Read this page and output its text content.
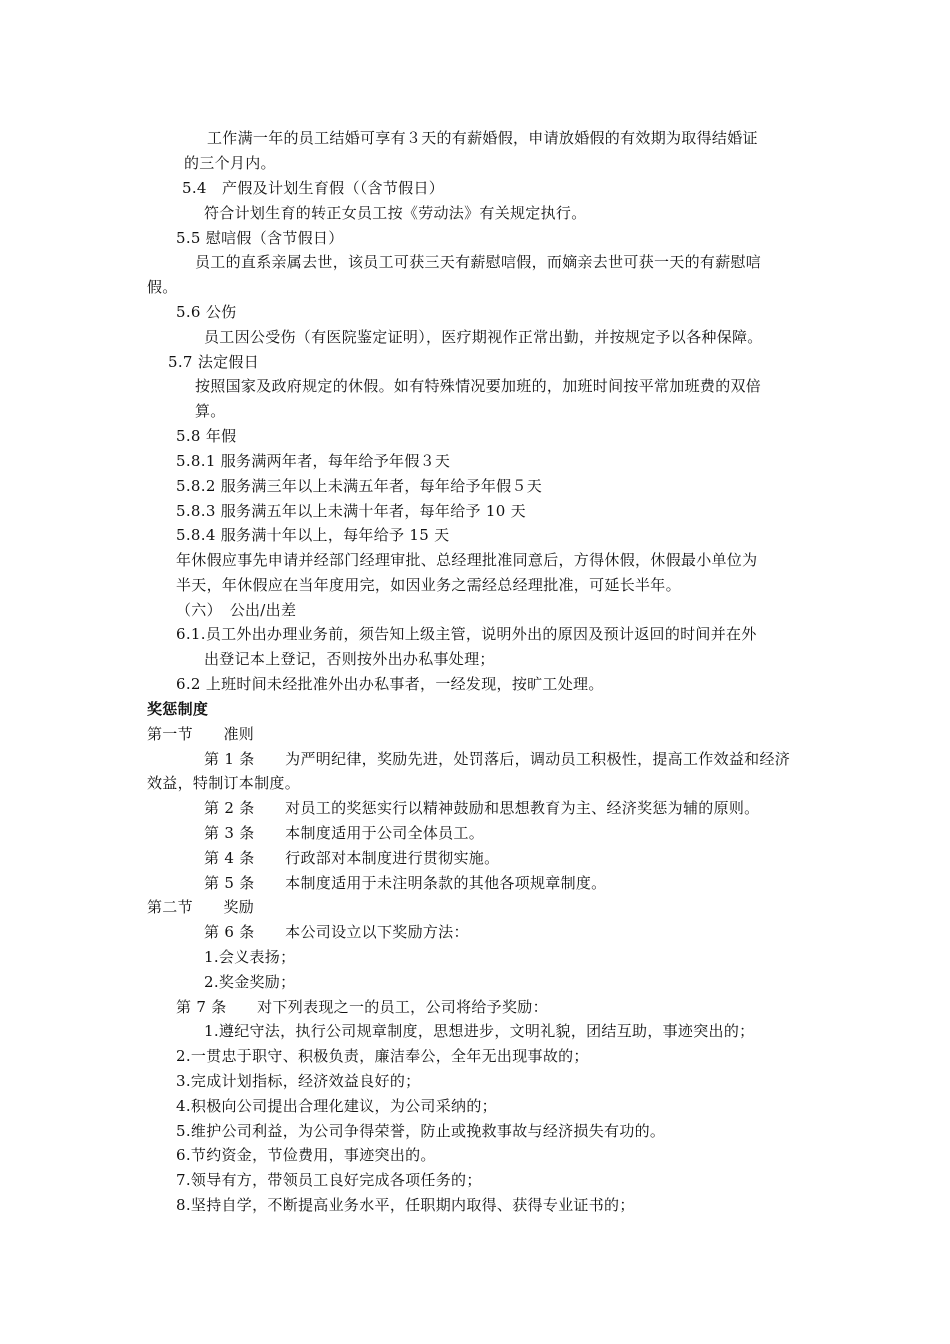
工作满一年的员工结婚可享有３天的有薪婚假，申请放婚假的有效期为取得结婚证
的三个月内。
5.4　产假及计划生育假（（含节假日）
符合计划生育的转正女员工按《劳动法》有关规定执行。
5.5 慰唁假（含节假日）
员工的直系亲属去世，该员工可获三天有薪慰唁假，而嫡亲去世可获一天的有薪慰唁
假。
5.6 公伤
员工因公受伤（有医院鉴定证明），医疗期视作正常出勤，并按规定予以各种保障。
5.7 法定假日
按照国家及政府规定的休假。如有特殊情况要加班的，加班时间按平常加班费的双倍
算。
5.8 年假
5.8.1 服务满两年者，每年给予年假３天
5.8.2 服务满三年以上未满五年者，每年给予年假５天
5.8.3 服务满五年以上未满十年者，每年给予 10 天
5.8.4 服务满十年以上，每年给予 15 天
年休假应事先申请并经部门经理审批、总经理批准同意后，方得休假，休假最小单位为
半天，年休假应在当年度用完，如因业务之需经总经理批准，可延长半年。
（六）　公出/出差
6.1.员工外出办理业务前，须告知上级主管，说明外出的原因及预计返回的时间并在外
出登记本上登记，否则按外出办私事处理；
6.2 上班时间未经批准外出办私事者，一经发现，按旷工处理。
奖惩制度
第一节　　准则
第 1 条　　为严明纪律，奖励先进，处罚落后，调动员工积极性，提高工作效益和经济
效益，特制订本制度。
第 2 条　　对员工的奖惩实行以精神鼓励和思想教育为主、经济奖惩为辅的原则。
第 3 条　　本制度适用于公司全体员工。
第 4 条　　行政部对本制度进行贯彻实施。
第 5 条　　本制度适用于未注明条款的其他各项规章制度。
第二节　　奖励
第 6 条　　本公司设立以下奖励方法：
1.会义表扬；
2.奖金奖励；
第 7 条　　对下列表现之一的员工，公司将给予奖励：
1.遵纪守法，执行公司规章制度，思想进步，文明礼貌，团结互助，事迹突出的；
2.一贯忠于职守、积极负责，廉洁奉公，全年无出现事故的；
3.完成计划指标，经济效益良好的；
4.积极向公司提出合理化建议，为公司采纳的；
5.维护公司利益，为公司争得荣誉，防止或挽救事故与经济损失有功的。
6.节约资金，节俭费用，事迹突出的。
7.领导有方，带领员工良好完成各项任务的；
8.坚持自学，不断提高业务水平，任职期内取得、获得专业证书的；
